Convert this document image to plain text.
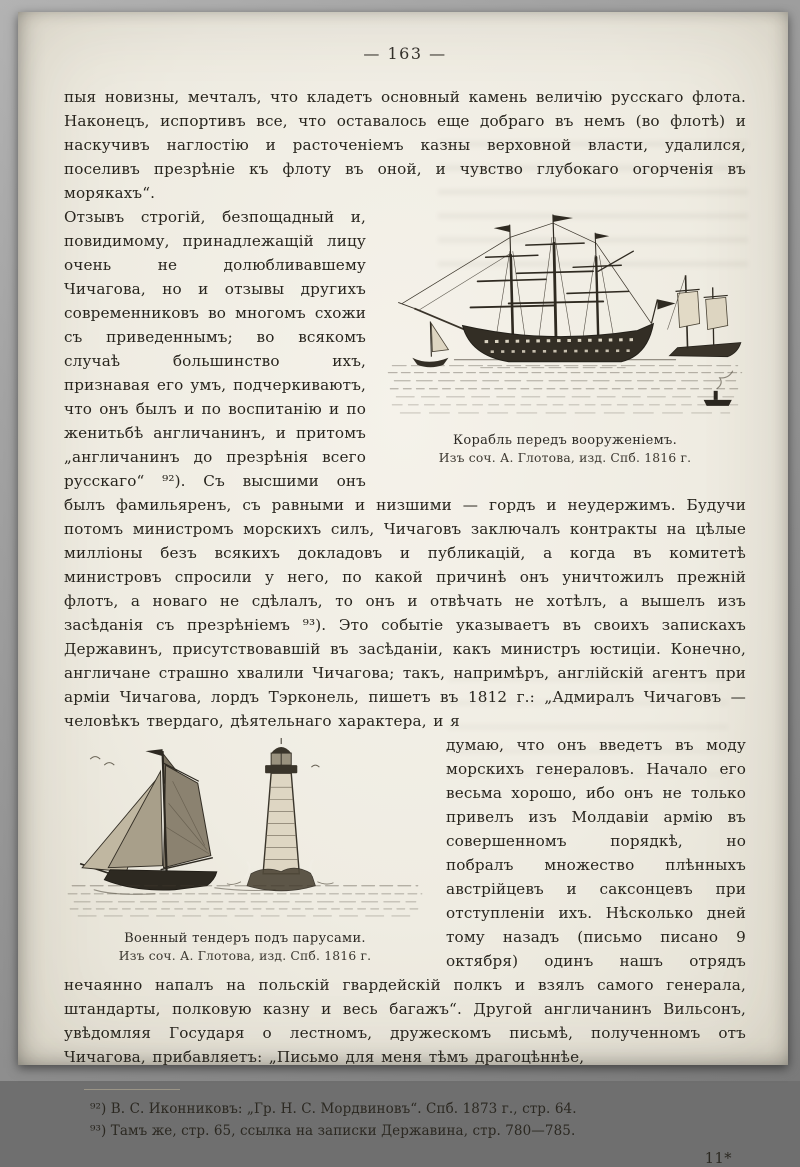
— 163 —

пыя новизны, мечталъ, что кладетъ основный камень величію русскаго флота. Наконецъ, испортивъ все, что оставалось еще добраго въ немъ (во флотѣ) и наскучивъ наглостію и расточеніемъ казны верховной власти, удалился, поселивъ презрѣніе къ флоту въ оной, и чувство глубокаго огорченія въ морякахъ“.

Корабль передъ вооруженіемъ.
Изъ соч. А. Глотова, изд. Спб. 1816 г.

Отзывъ строгій, безпощадный и, повидимому, принадлежащій лицу очень не долюбливавшему Чичагова, но и отзывы другихъ современниковъ во многомъ схожи съ приведеннымъ; во всякомъ случаѣ большинство ихъ, признавая его умъ, подчеркиваютъ, что онъ былъ и по воспитанію и по женитьбѣ англичанинъ, и притомъ „англичанинъ до презрѣнія всего русскаго“ ⁹²). Съ высшими онъ былъ фамильяренъ, съ равными и низшими — гордъ и неудержимъ. Будучи потомъ министромъ морскихъ силъ, Чичаговъ заключалъ контракты на цѣлые милліоны безъ всякихъ докладовъ и публикацій, а когда въ комитетѣ министровъ спросили у него, по какой причинѣ онъ уничтожилъ прежній флотъ, а новаго не сдѣлалъ, то онъ и отвѣчать не хотѣлъ, а вышелъ изъ засѣданія съ презрѣніемъ ⁹³). Это событіе указываетъ въ своихъ запискахъ Державинъ, присутствовавшій въ засѣданіи, какъ министръ юстиціи. Конечно, англичане страшно хвалили Чичагова; такъ, напримѣръ, англійскій агентъ при арміи Чичагова, лордъ Тэрконель, пишетъ въ 1812 г.: „Адмиралъ Чичаговъ — человѣкъ твердаго, дѣятельнаго характера, и я

Военный тендеръ подъ парусами.
Изъ соч. А. Глотова, изд. Спб. 1816 г.

думаю, что онъ введетъ въ моду морскихъ генераловъ. Начало его весьма хорошо, ибо онъ не только привелъ изъ Молдавіи армію въ совершенномъ порядкѣ, но побралъ множество плѣнныхъ австрійцевъ и саксонцевъ при отступленіи ихъ. Нѣсколько дней тому назадъ (письмо писано 9 октября) одинъ нашъ отрядъ нечаянно напалъ на польскій гвардейскій полкъ и взялъ самого генерала, штандарты, полковую казну и весь багажъ“. Другой англичанинъ Вильсонъ, увѣдомляя Государя о лестномъ, дружескомъ письмѣ, полученномъ отъ Чичагова, прибавляетъ: „Письмо для меня тѣмъ драгоцѣннѣе,

⁹²) В. С. Иконниковъ: „Гр. Н. С. Мордвиновъ“. Спб. 1873 г., стр. 64.

⁹³) Тамъ же, стр. 65, ссылка на записки Державина, стр. 780—785.

11*
